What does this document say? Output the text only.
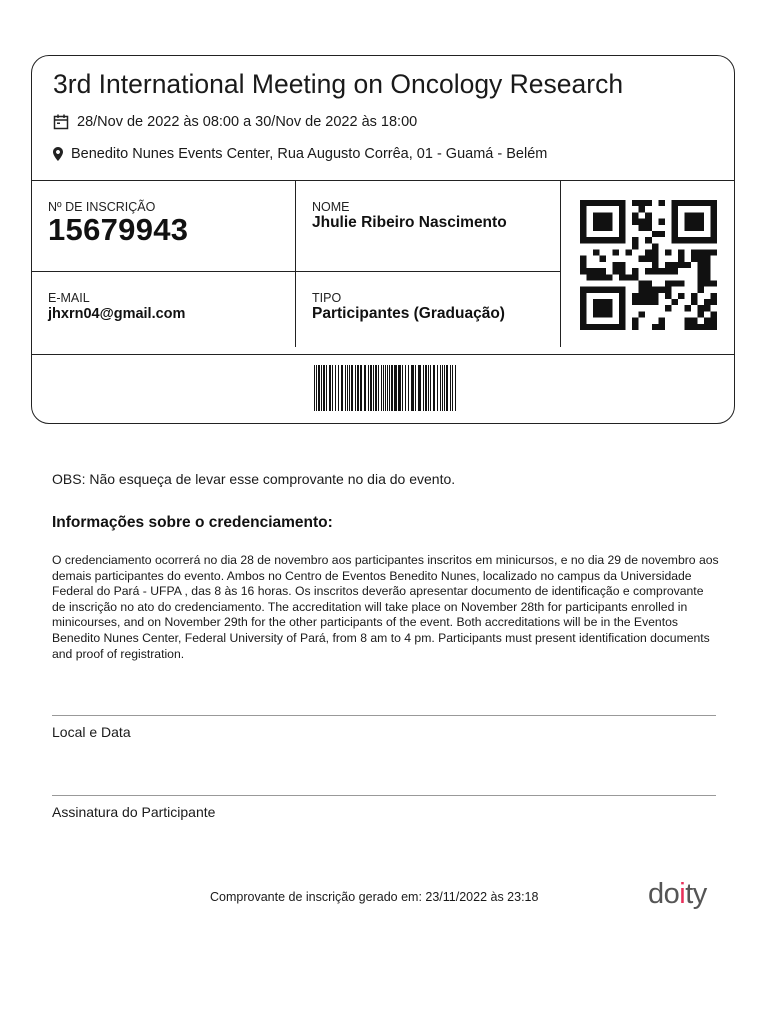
3rd International Meeting on Oncology Research
28/Nov de 2022 às 08:00 a 30/Nov de 2022 às 18:00
Benedito Nunes Events Center, Rua Augusto Corrêa, 01 - Guamá - Belém
Nº DE INSCRIÇÃO
15679943
NOME
Jhulie Ribeiro Nascimento
E-MAIL
jhxrn04@gmail.com
TIPO
Participantes (Graduação)
OBS: Não esqueça de levar esse comprovante no dia do evento.
Informações sobre o credenciamento:
O credenciamento ocorrerá no dia 28 de novembro aos participantes inscritos em minicursos, e no dia 29 de novembro aos demais participantes do evento. Ambos no Centro de Eventos Benedito Nunes, localizado no campus da Universidade Federal do Pará - UFPA , das 8 às 16 horas. Os inscritos deverão apresentar documento de identificação e comprovante de inscrição no ato do credenciamento. The accreditation will take place on November 28th for participants enrolled in minicourses, and on November 29th for the other participants of the event. Both accreditations will be in the Eventos Benedito Nunes Center, Federal University of Pará, from 8 am to 4 pm. Participants must present identification documents and proof of registration.
Local e Data
Assinatura do Participante
Comprovante de inscrição gerado em: 23/11/2022 às 23:18	doity
